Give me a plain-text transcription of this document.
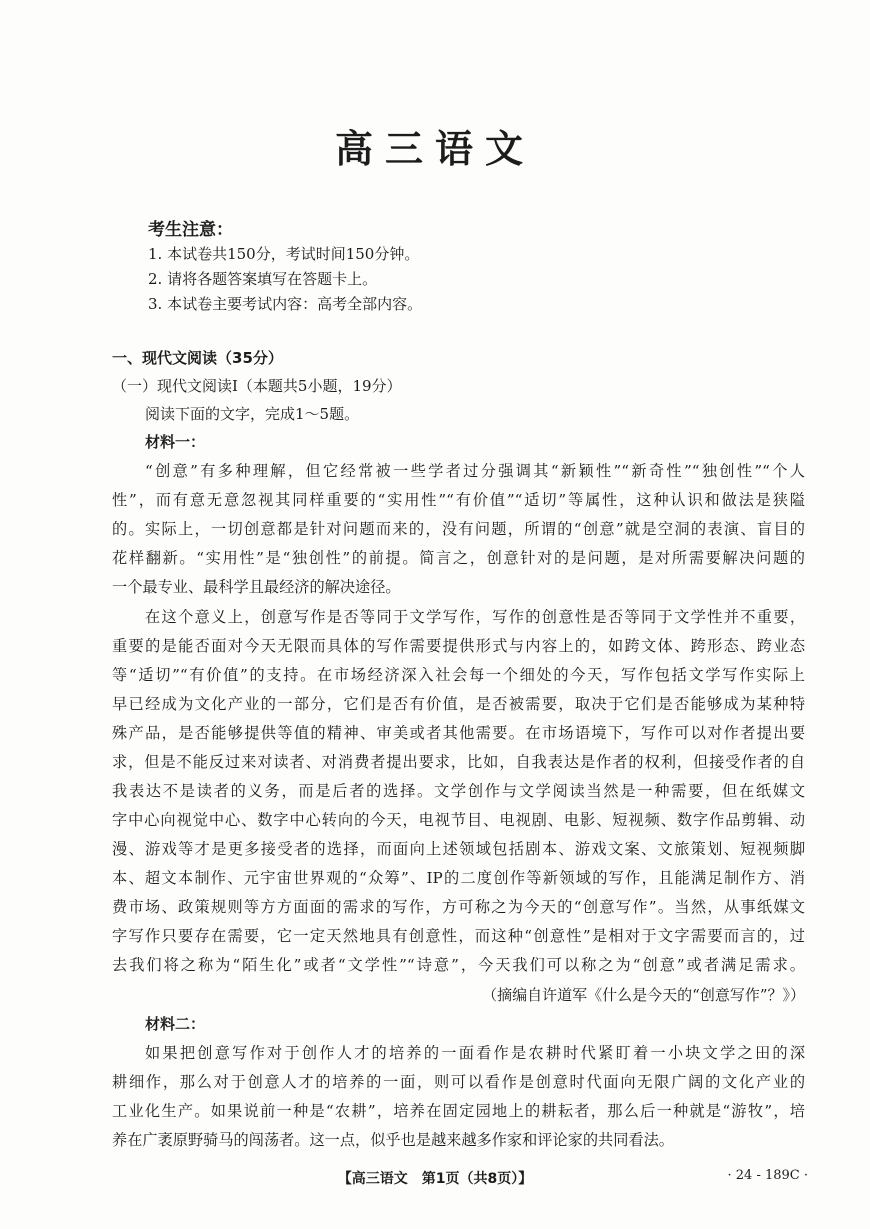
高三语文
考生注意：
1. 本试卷共150分，考试时间150分钟。
2. 请将各题答案填写在答题卡上。
3. 本试卷主要考试内容：高考全部内容。
一、现代文阅读（35分）
（一）现代文阅读Ⅰ（本题共5小题，19分）
阅读下面的文字，完成1～5题。
材料一：
“创意”有多种理解，但它经常被一些学者过分强调其“新颖性”“新奇性”“独创性”“个人
性”，而有意无意忽视其同样重要的“实用性”“有价值”“适切”等属性，这种认识和做法是狭隘
的。实际上，一切创意都是针对问题而来的，没有问题，所谓的“创意”就是空洞的表演、盲目的
花样翻新。“实用性”是“独创性”的前提。简言之，创意针对的是问题，是对所需要解决问题的
一个最专业、最科学且最经济的解决途径。
在这个意义上，创意写作是否等同于文学写作，写作的创意性是否等同于文学性并不重要，
重要的是能否面对今天无限而具体的写作需要提供形式与内容上的，如跨文体、跨形态、跨业态
等“适切”“有价值”的支持。在市场经济深入社会每一个细处的今天，写作包括文学写作实际上
早已经成为文化产业的一部分，它们是否有价值，是否被需要，取决于它们是否能够成为某种特
殊产品，是否能够提供等值的精神、审美或者其他需要。在市场语境下，写作可以对作者提出要
求，但是不能反过来对读者、对消费者提出要求，比如，自我表达是作者的权利，但接受作者的自
我表达不是读者的义务，而是后者的选择。文学创作与文学阅读当然是一种需要，但在纸媒文
字中心向视觉中心、数字中心转向的今天，电视节目、电视剧、电影、短视频、数字作品剪辑、动
漫、游戏等才是更多接受者的选择，而面向上述领域包括剧本、游戏文案、文旅策划、短视频脚
本、超文本制作、元宇宙世界观的“众筹”、IP的二度创作等新领域的写作，且能满足制作方、消
费市场、政策规则等方方面面的需求的写作，方可称之为今天的“创意写作”。当然，从事纸媒文
字写作只要存在需要，它一定天然地具有创意性，而这种“创意性”是相对于文字需要而言的，过
去我们将之称为“陌生化”或者“文学性”“诗意”，今天我们可以称之为“创意”或者满足需求。
（摘编自许道军《什么是今天的“创意写作”？》）
材料二：
如果把创意写作对于创作人才的培养的一面看作是农耕时代紧盯着一小块文学之田的深
耕细作，那么对于创意人才的培养的一面，则可以看作是创意时代面向无限广阔的文化产业的
工业化生产。如果说前一种是“农耕”，培养在固定园地上的耕耘者，那么后一种就是“游牧”，培
养在广袤原野骑马的闯荡者。这一点，似乎也是越来越多作家和评论家的共同看法。
【高三语文　第1页（共8页）】	· 24 - 189C ·
